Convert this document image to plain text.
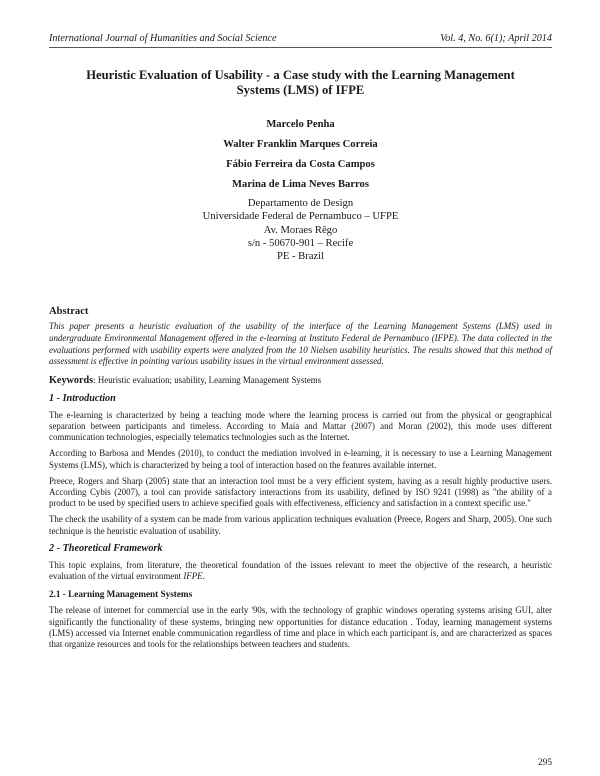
International Journal of Humanities and Social Science	Vol. 4, No. 6(1); April 2014
Heuristic Evaluation of Usability - a Case study with the Learning Management Systems (LMS) of IFPE
Marcelo Penha
Walter Franklin Marques Correia
Fábio Ferreira da Costa Campos
Marina de Lima Neves Barros
Departamento de Design
Universidade Federal de Pernambuco – UFPE
Av. Moraes Rêgo
s/n - 50670-901 – Recife
PE - Brazil
Abstract

This paper presents a heuristic evaluation of the usability of the interface of the Learning Management Systems (LMS) used in undergraduate Environmental Management offered in the e-learning at Instituto Federal de Pernambuco (IFPE). The data collected in the evaluations performed with usability experts were analyzed from the 10 Nielsen usability heuristics. The results showed that this method of assessment is effective in pointing various usability issues in the virtual environment assessed.

Keywords: Heuristic evaluation; usability, Learning Management Systems
1 - Introduction

The e-learning is characterized by being a teaching mode where the learning process is carried out from the physical or geographical separation between participants and timeless. According to Maia and Mattar (2007) and Moran (2002), this mode uses different communication technologies, especially telematics technologies such as the Internet.

According to Barbosa and Mendes (2010), to conduct the mediation involved in e-learning, it is necessary to use a Learning Management Systems (LMS), which is characterized by being a tool of interaction based on the features available internet.

Preece, Rogers and Sharp (2005) state that an interaction tool must be a very efficient system, having as a result highly productive users. According Cybis (2007), a tool can provide satisfactory interactions from its usability, defined by ISO 9241 (1998) as "the ability of a product to be used by specified users to achieve specified goals with effectiveness, efficiency and satisfaction in a context specific use."

The check the usability of a system can be made from various application techniques evaluation (Preece, Rogers and Sharp, 2005). One such technique is the heuristic evaluation of usability.

2 - Theoretical Framework

This topic explains, from literature, the theoretical foundation of the issues relevant to meet the objective of the research, a heuristic evaluation of the virtual environment IFPE.

2.1 - Learning Management Systems

The release of internet for commercial use in the early '90s, with the technology of graphic windows operating systems arising GUI, alter significantly the functionality of these systems, bringing new opportunities for distance education . Today, learning management systems (LMS) accessed via Internet enable communication regardless of time and place in which each participant is, and are characterized as spaces that organize resources and tools for the relationships between teachers and students.

295
